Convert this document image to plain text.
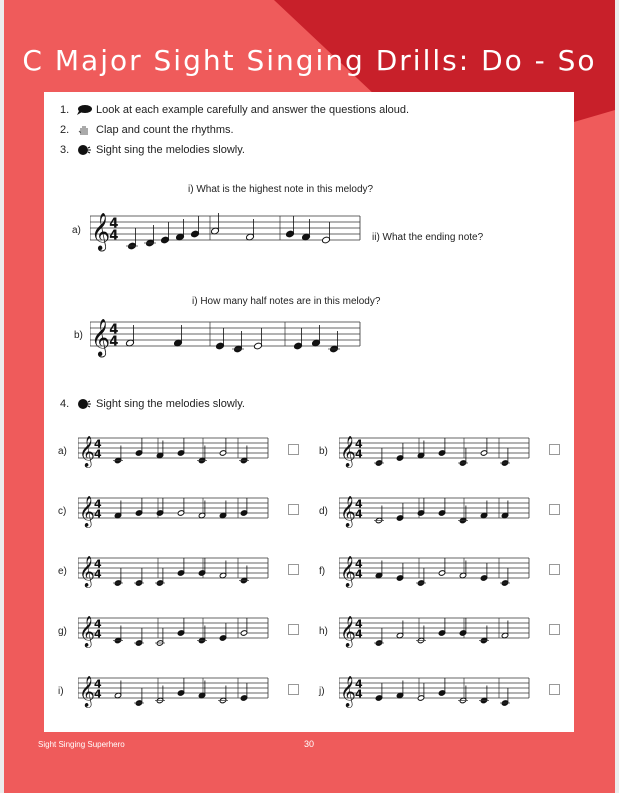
C Major Sight Singing Drills: Do - So
1. Look at each example carefully and answer the questions aloud.
2. Clap and count the rhythms.
3. Sight sing the melodies slowly.
i) What is the highest note in this melody?
a) 𝄞 4
4	ii) What the ending note?
i) How many half notes are in this melody?
b) 𝄞 4
4
4. Sight sing the melodies slowly.
a) 𝄞 4
4	b) 𝄞 4
4
c) 𝄞 4
4	d) 𝄞 4
4
e) 𝄞 4
4	f) 𝄞 4
4
g) 𝄞 4
4	h) 𝄞 4
4
i) 𝄞 4
4	j) 𝄞 4
4
Sight Singing Superhero	30
